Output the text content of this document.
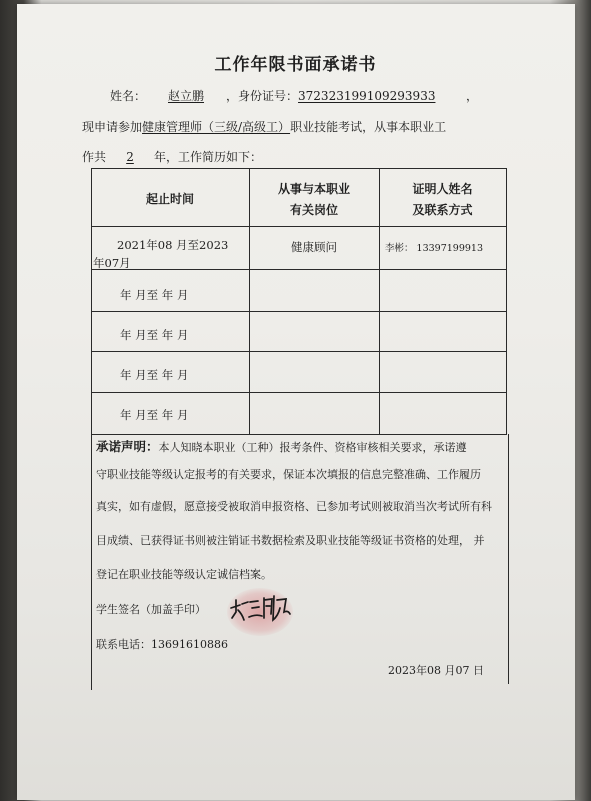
工作年限书面承诺书
姓名： 赵立鹏 ，身份证号：372323199109293933	，
现申请参加健康管理师（三级/高级工）职业技能考试，从事本职业工
作共 2 年，工作简历如下：
起止时间
从事与本职业
有关岗位
证明人姓名
及联系方式
2021年08 月至2023
年07月
健康顾问	李彬： 13397199913
年 月至 年 月
年 月至 年 月
年 月至 年 月
年 月至 年 月
承诺声明：本人知晓本职业（工种）报考条件、资格审核相关要求，承诺遵
守职业技能等级认定报考的有关要求，保证本次填报的信息完整准确、工作履历
真实，如有虚假，愿意接受被取消申报资格、已参加考试则被取消当次考试所有科
目成绩、已获得证书则被注销证书数据检索及职业技能等级证书资格的处理， 并
登记在职业技能等级认定诚信档案。
学生签名（加盖手印）
联系电话：13691610886
2023年08 月07 日
